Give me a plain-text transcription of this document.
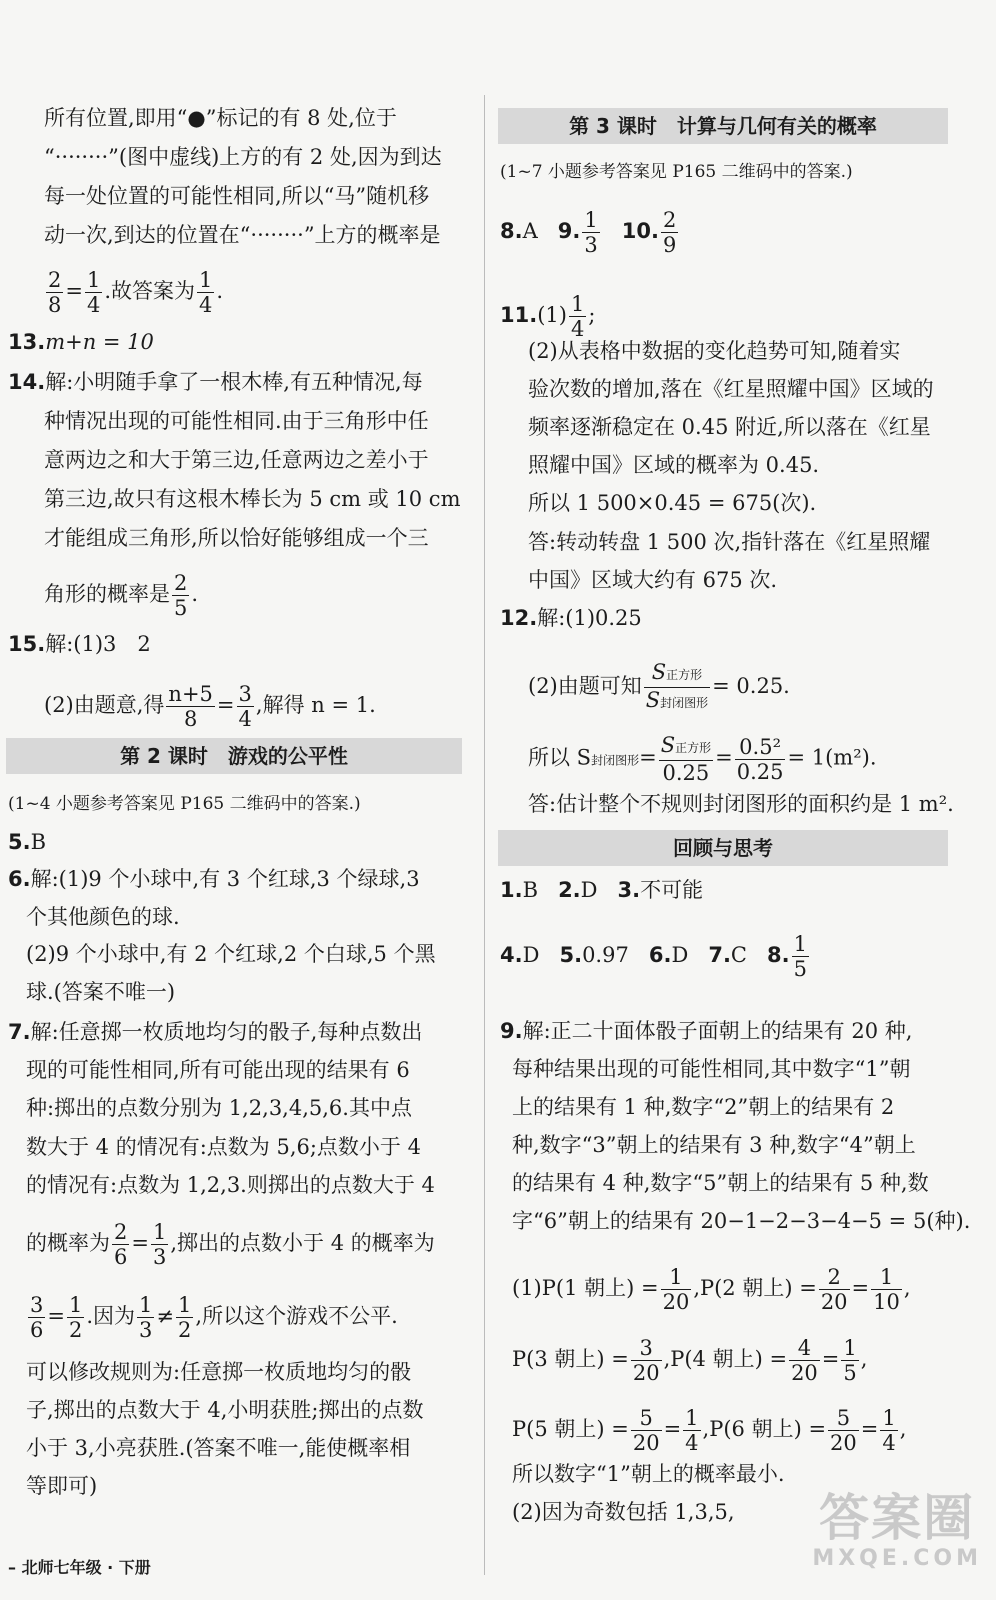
所有位置,即用“●”标记的有 8 处,位于
“········”(图中虚线)上方的有 2 处,因为到达
每一处位置的可能性相同,所以“马”随机移
动一次,到达的位置在“········”上方的概率是
$\frac{2}{8} = \frac{1}{4}$ .故答案为 $\frac{1}{4}$ .
13.m+n = 10
14.解:小明随手拿了一根木棒,有五种情况,每
种情况出现的可能性相同.由于三角形中任
意两边之和大于第三边,任意两边之差小于
第三边,故只有这根木棒长为 5 cm 或 10 cm
才能组成三角形,所以恰好能够组成一个三
角形的概率是 $\frac{2}{5}$ .
15.解:(1)3　2
(2)由题意,得 $\frac{n+5}{8} = \frac{3}{4}$ ,解得 n = 1.
第 2 课时　游戏的公平性
(1~4 小题参考答案见 P165 二维码中的答案.)
5.B
6.解:(1)9 个小球中,有 3 个红球,3 个绿球,3
个其他颜色的球.
(2)9 个小球中,有 2 个红球,2 个白球,5 个黑
球.(答案不唯一)
7.解:任意掷一枚质地均匀的骰子,每种点数出
现的可能性相同,所有可能出现的结果有 6
种:掷出的点数分别为 1,2,3,4,5,6.其中点
数大于 4 的情况有:点数为 5,6;点数小于 4
的情况有:点数为 1,2,3.则掷出的点数大于 4
的概率为 $\frac{2}{6} = \frac{1}{3}$ ,掷出的点数小于 4 的概率为
$\frac{3}{6} = \frac{1}{2}$ .因为 $\frac{1}{3} \ne \frac{1}{2}$ ,所以这个游戏不公平.
可以修改规则为:任意掷一枚质地均匀的骰
子,掷出的点数大于 4,小明获胜;掷出的点数
小于 3,小亮获胜.(答案不唯一,能使概率相
等即可)
第 3 课时　计算与几何有关的概率
(1~7 小题参考答案见 P165 二维码中的答案.)
8.A 9. $\frac{1}{3} 10$. $\frac{2}{9}$
$11.(1) \frac{1}{4}$ ;
(2)从表格中数据的变化趋势可知,随着实
验次数的增加,落在《红星照耀中国》区域的
频率逐渐稳定在 0.45 附近,所以落在《红星
照耀中国》区域的概率为 0.45.
所以 1 500×0.45 = 675(次).
答:转动转盘 1 500 次,指针落在《红星照耀
中国》区域大约有 675 次.
12.解:(1)0.25
(2)由题可知 $\frac{\text{S正方形}}{\text{S封闭图形}} = 0.25$.
所以 S封闭图形= $\frac{\text{S正方形}}{0.25} = \frac{\text{0.5²}}{0.25} = 1(m^2)$.
答:估计整个不规则封闭图形的面积约是 1 m².
回顾与思考
1.B 2.D 3.不可能
4.D 5.0.97 6.D 7.C 8. $\frac{1}{5}$
9.解:正二十面体骰子面朝上的结果有 20 种,
每种结果出现的可能性相同,其中数字“1”朝
上的结果有 1 种,数字“2”朝上的结果有 2
种,数字“3”朝上的结果有 3 种,数字“4”朝上
的结果有 4 种,数字“5”朝上的结果有 5 种,数
字“6”朝上的结果有 20−1−2−3−4−5 = 5(种).
(1)P(1 朝上) = $\frac{1}{20} ,P(2$ 朝上) = $\frac{2}{20} = \frac{1}{10}$ ,
P(3 朝上) = $\frac{3}{20} ,P(4$ 朝上) = $\frac{4}{20} = \frac{1}{5}$ ,
P(5 朝上) = $\frac{5}{20} = \frac{1}{4} ,P(6$ 朝上) = $\frac{5}{20} = \frac{1}{4}$ ,
所以数字“1”朝上的概率最小.
(2)因为奇数包括 1,3,5,
– 北师七年级 · 下册
答案圈
MXQE.COM
